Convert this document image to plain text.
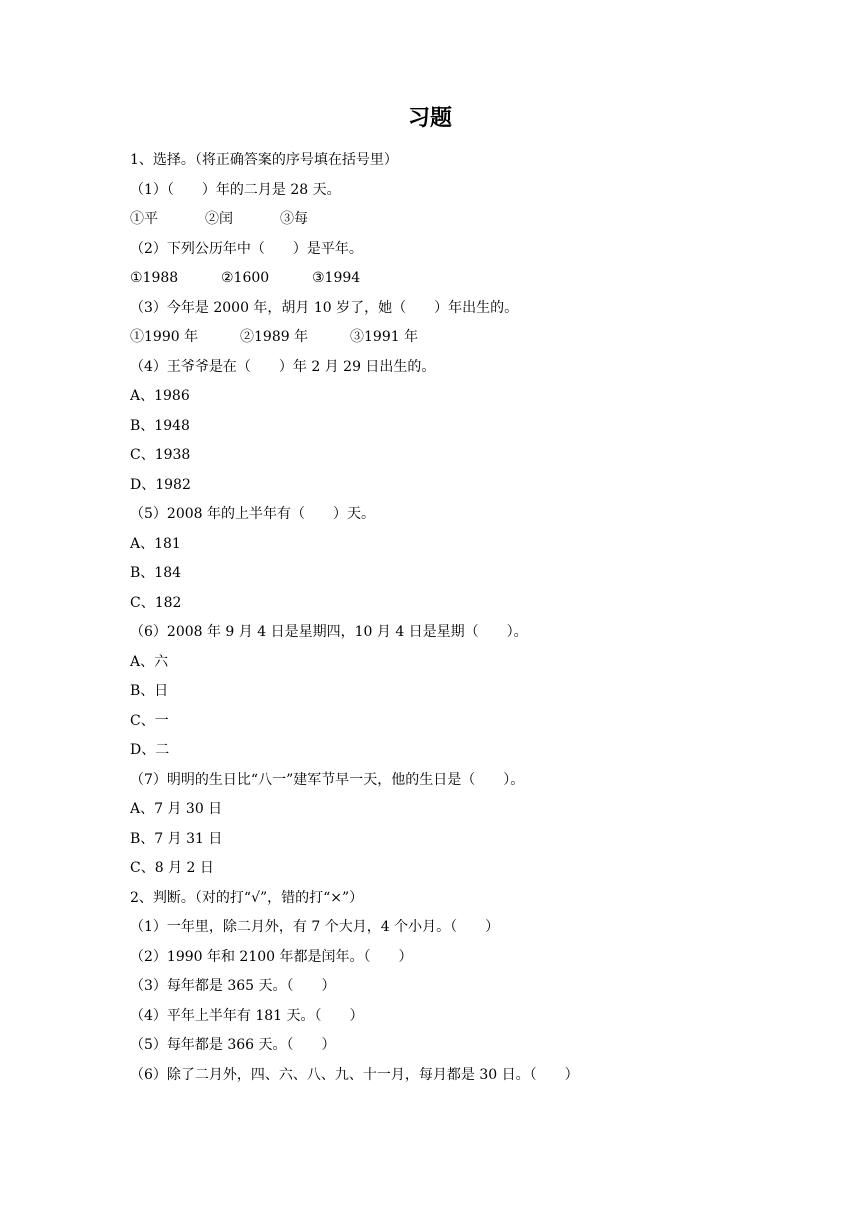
习题
1、选择。（将正确答案的序号填在括号里）
（1）（　　）年的二月是 28 天。
①平	②闰	③每
（2）下列公历年中（　　）是平年。
①1988	②1600	③1994
（3）今年是 2000 年，胡月 10 岁了，她（　　）年出生的。
①1990 年	②1989 年	③1991 年
（4）王爷爷是在（　　）年 2 月 29 日出生的。
A、1986
B、1948
C、1938
D、1982
（5）2008 年的上半年有（　　）天。
A、181
B、184
C、182
（6）2008 年 9 月 4 日是星期四，10 月 4 日是星期（　　）。
A、六
B、日
C、一
D、二
（7）明明的生日比“八一”建军节早一天，他的生日是（　　）。
A、7 月 30 日
B、7 月 31 日
C、8 月 2 日
2、判断。（对的打“√”，错的打“×”）
（1）一年里，除二月外，有 7 个大月，4 个小月。（　　）
（2）1990 年和 2100 年都是闰年。（　　）
（3）每年都是 365 天。（　　）
（4）平年上半年有 181 天。（　　）
（5）每年都是 366 天。（　　）
（6）除了二月外，四、六、八、九、十一月，每月都是 30 日。（　　）
